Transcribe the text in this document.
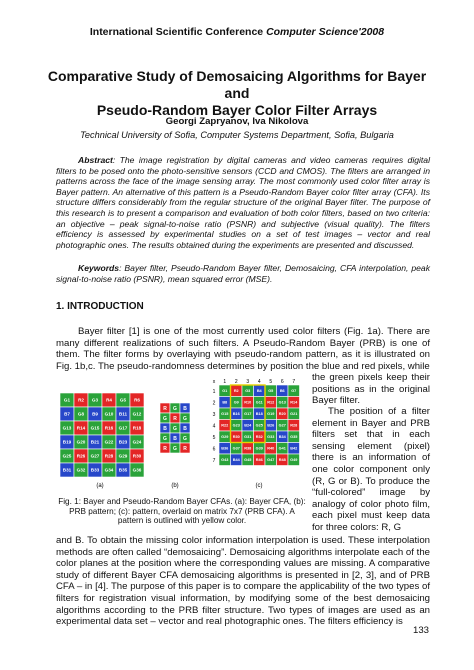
International Scientific Conference Computer Science'2008
Comparative Study of Demosaicing Algorithms for Bayer and
Pseudo-Random Bayer Color Filter Arrays
Georgi Zapryanov, Iva Nikolova
Technical University of Sofia, Computer Systems Department, Sofia, Bulgaria
Abstract: The image registration by digital cameras and video cameras requires digital filters to be posed onto the photo-sensitive sensors (CCD and CMOS). The filters are arranged in patterns across the face of the image sensing array. The most commonly used color filter array is Bayer pattern. An alternative of this pattern is a Pseudo-Random Bayer color filter array (CFA). Its structure differs considerably from the regular structure of the original Bayer filter. The purpose of this research is to present a comparison and evaluation of both color filters, based on two criteria: an objective – peak signal-to-noise ratio (PSNR) and subjective (visual quality). The filters efficiency is assessed by experimental studies on a set of test images – vector and real photographic ones. The results obtained during the experiments are presented and discussed.
Keywords: Bayer filter, Pseudo-Random Bayer filter, Demosaicing, CFA interpolation, peak signal-to-noise ratio (PSNR), mean squared error (MSE).
1. INTRODUCTION
Bayer filter [1] is one of the most currently used color filters (Fig. 1a). There are many different realizations of such filters. A Pseudo-Random Bayer (PRB) is one of them. The filter forms by overlaying with pseudo-random pattern, as it is illustrated on Fig. 1b,c. The pseudo-randomness determines by position the blue and red pixels, while
the green pixels keep their positions as in the original Bayer filter.
The position of a filter element in Bayer and PRB filters set that in each sensing element (pixel) there is an information of one color component only (R, G or B). To produce the “full-colored” image by analogy of color photo film, each pixel must keep data for three colors: R, G
G1 R2 G3 R4 G5 R6
B7 G8 B9 G10 B11 G12
G13 R14 G15 R16 G17 R18
B19 G20 B21 G22 B23 G24
G25 R26 G27 R28 G29 R30
B31 G32 B33 G34 B35 G36
R G B
G R G
B G B
G B G
R G R
x 1
1
2
2
3
3
4
4
5
5
6
6
7
7
G1 R2 G3 B4 G5 B6 G7
B8 G9 R10 G11 R12 G13 R14
G15 B16 G17 B18 G19 R20 G21
R22 G23 B24 G25 B26 G27 R28
G29 R30 G31 R32 G33 B34 G35
B36 G37 R38 G39 R40 G41 B42
G43 B44 G45 R46 G47 R48 G49
(a)	(b)	(c)
Fig. 1: Bayer and Pseudo-Random Bayer CFAs. (a): Bayer CFA, (b): PRB pattern; (c): pattern, overlaid on matrix 7x7 (PRB CFA). A pattern is outlined with yellow color.
and B. To obtain the missing color information interpolation is used. These interpolation methods are often called “demosaicing”. Demosaicing algorithms interpolate each of the color planes at the position where the corresponding values are missing. A comparative study of different Bayer CFA demosaicing algorithms is presented in [2, 3], and of PRB CFA – in [4]. The purpose of this paper is to compare the applicability of the two types of filters for registration visual information, by modifying some of the best demosaicing algorithms according to the PRB filter structure. Two types of images are used as an experimental data set – vector and real photographic ones. The filters efficiency is
133
